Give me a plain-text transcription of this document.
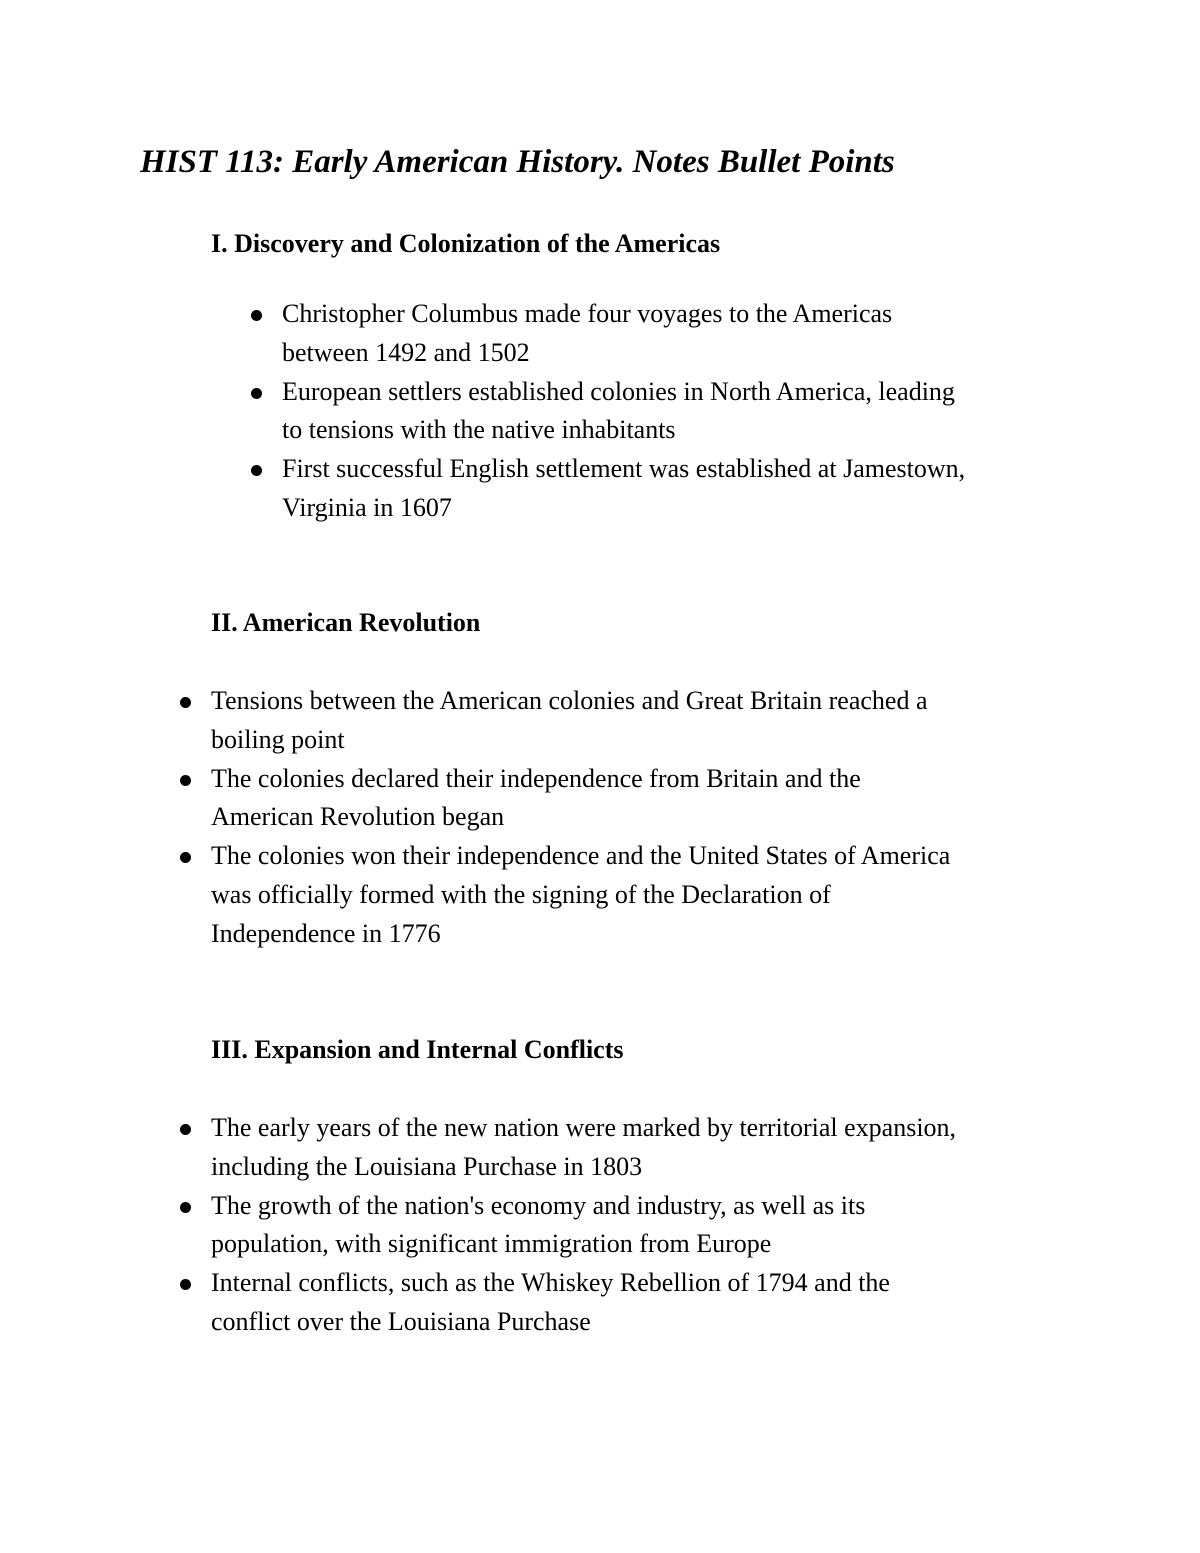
HIST 113: Early American History. Notes Bullet Points
I. Discovery and Colonization of the Americas
Christopher Columbus made four voyages to the Americas
between 1492 and 1502
European settlers established colonies in North America, leading
to tensions with the native inhabitants
First successful English settlement was established at Jamestown,
Virginia in 1607
II. American Revolution
Tensions between the American colonies and Great Britain reached a
boiling point
The colonies declared their independence from Britain and the
American Revolution began
The colonies won their independence and the United States of America
was officially formed with the signing of the Declaration of
Independence in 1776
III. Expansion and Internal Conflicts
The early years of the new nation were marked by territorial expansion,
including the Louisiana Purchase in 1803
The growth of the nation's economy and industry, as well as its
population, with significant immigration from Europe
Internal conflicts, such as the Whiskey Rebellion of 1794 and the
conflict over the Louisiana Purchase
